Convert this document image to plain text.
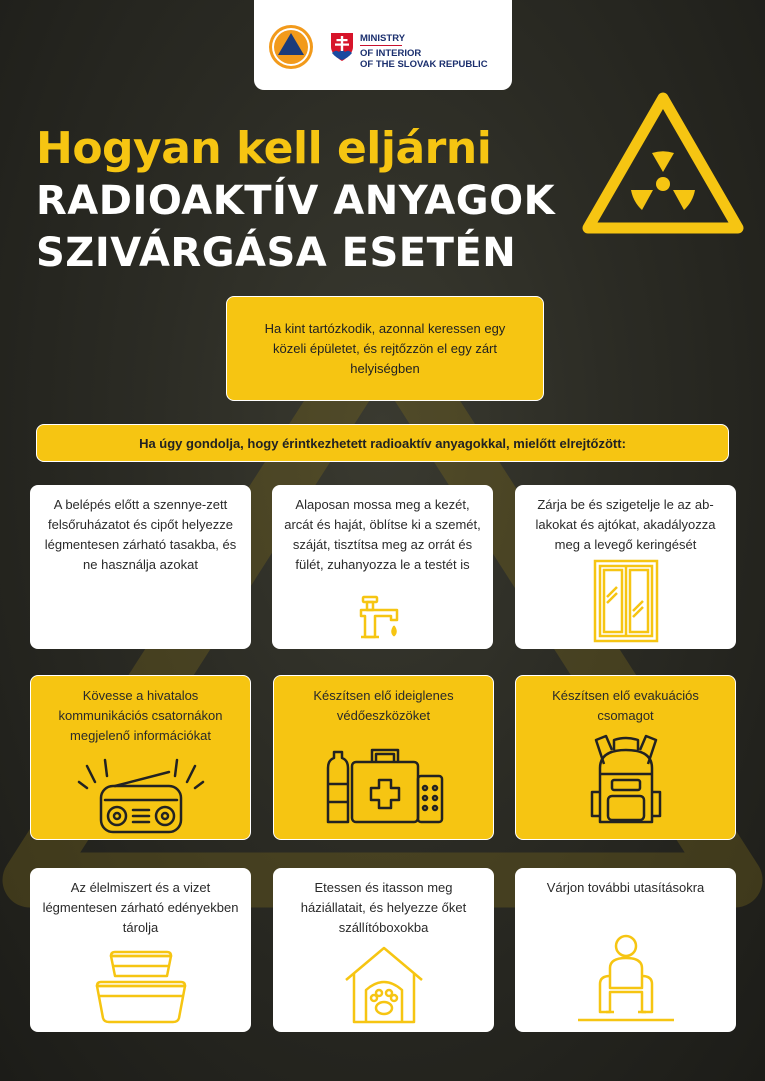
MINISTRY
OF INTERIOR
OF THE SLOVAK REPUBLIC
Hogyan kell eljárni
RADIOAKTÍV ANYAGOK
SZIVÁRGÁSA ESETÉN
Ha kint tartózkodik, azonnal keressen egy közeli épületet, és rejtőzzön el egy zárt helyiségben
Ha úgy gondolja, hogy érintkezhetett radioaktív anyagokkal, mielőtt elrejtőzött:
A belépés előtt a szennye-zett felsőruházatot és cipőt helyezze légmentesen zárható tasakba, és ne használja azokat
Alaposan mossa meg a kezét, arcát és haját, öblítse ki a szemét, száját, tisztítsa meg az orrát és fülét, zuhanyozza le a testét is
Zárja be és szigetelje le az ab-lakokat és ajtókat, akadályozza meg a levegő keringését
Kövesse a hivatalos kommunikációs csatornákon megjelenő információkat
Készítsen elő ideiglenes védőeszközöket
Készítsen elő evakuációs csomagot
Az élelmiszert és a vizet légmentesen zárható edényekben tárolja
Etessen és itasson meg háziállatait, és helyezze őket szállítóboxokba
Várjon további utasításokra
